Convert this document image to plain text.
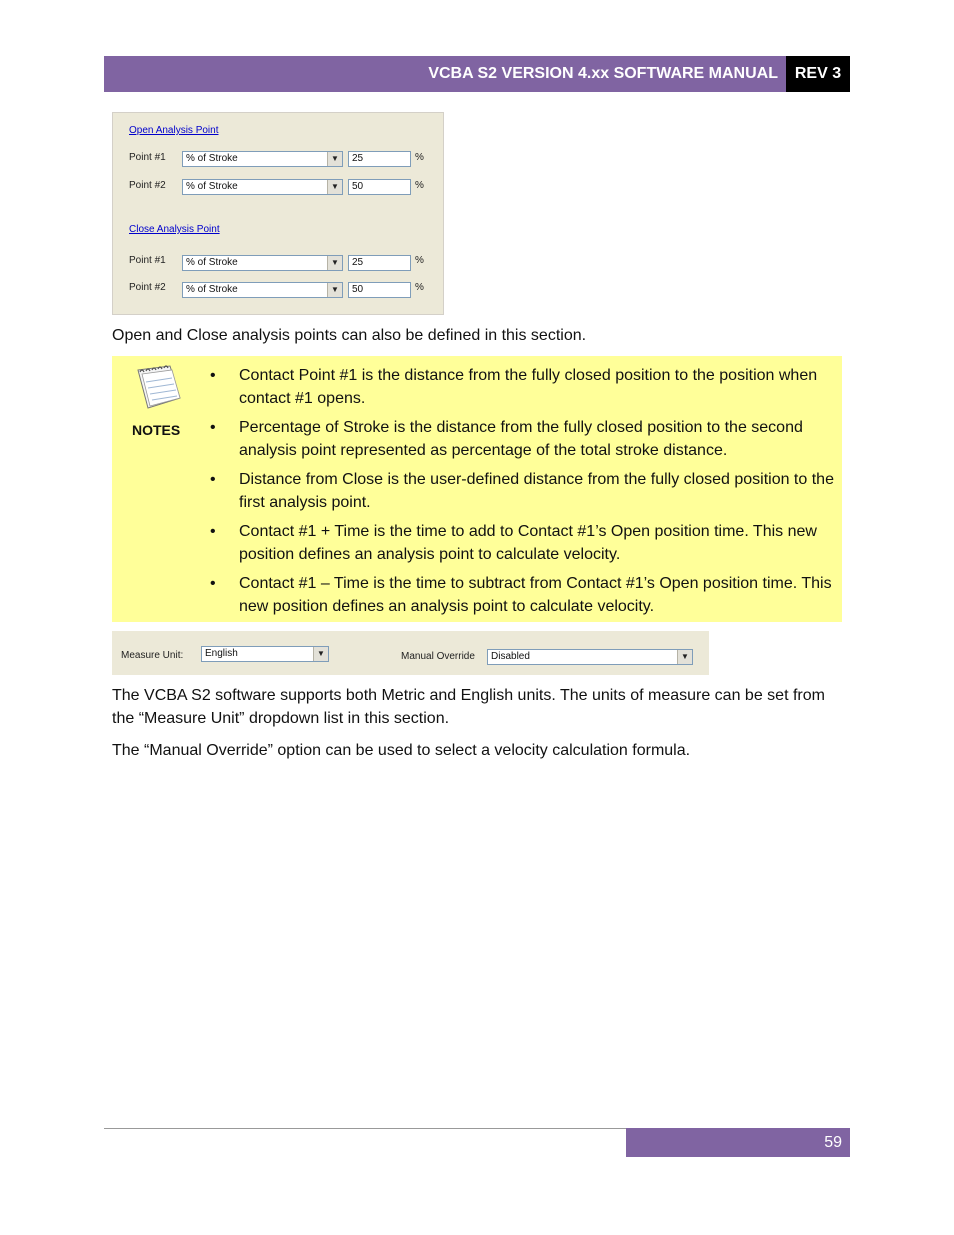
VCBA S2 VERSION 4.xx SOFTWARE MANUAL	REV 3
Open Analysis Point
Point #1	% of Stroke	▼	25	%
Point #2	% of Stroke	▼	50	%
Close Analysis Point
Point #1	% of Stroke	▼	25	%
Point #2	% of Stroke	▼	50	%
Open and Close analysis points can also be defined in this section.
NOTES
• Contact Point #1 is the distance from the fully closed position to the position when contact #1 opens.
• Percentage of Stroke is the distance from the fully closed position to the second analysis point represented as percentage of the total stroke distance.
• Distance from Close is the user-defined distance from the fully closed position to the first analysis point.
• Contact #1 + Time is the time to add to Contact #1’s Open position time. This new position defines an analysis point to calculate velocity.
• Contact #1 – Time is the time to subtract from Contact #1’s Open position time. This new position defines an analysis point to calculate velocity.
Measure Unit:	English	▼	Manual Override	Disabled	▼
The VCBA S2 software supports both Metric and English units. The units of measure can be set from the “Measure Unit” dropdown list in this section.
The “Manual Override” option can be used to select a velocity calculation formula.
59
